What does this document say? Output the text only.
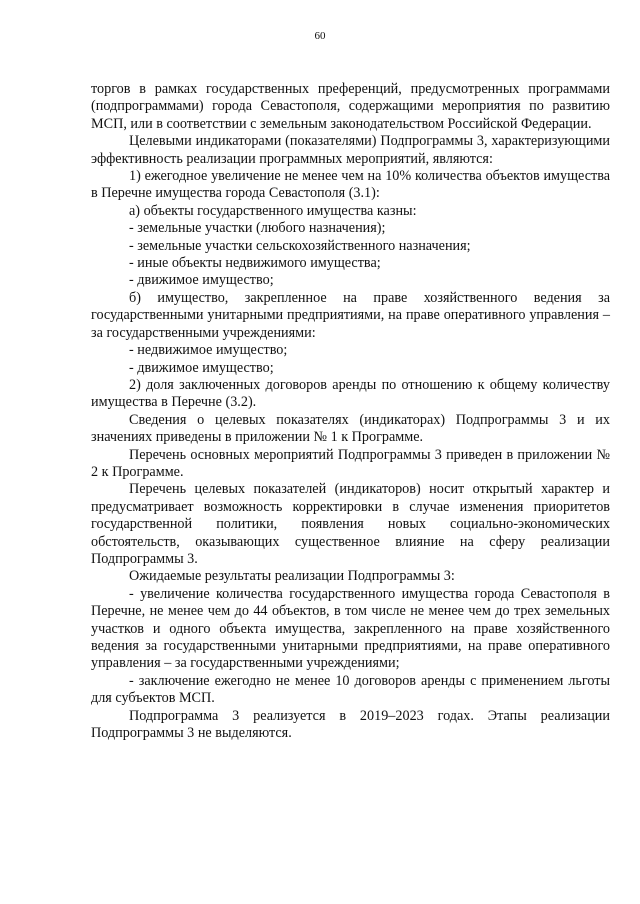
60

торгов в рамках государственных преференций, предусмотренных программами (подпрограммами) города Севастополя, содержащими мероприятия по развитию МСП, или в соответствии с земельным законодательством Российской Федерации.

Целевыми индикаторами (показателями) Подпрограммы 3, характеризующими эффективность реализации программных мероприятий, являются:

1) ежегодное увеличение не менее чем на 10% количества объектов имущества в Перечне имущества города Севастополя (3.1):

а) объекты государственного имущества казны:

- земельные участки (любого назначения);

- земельные участки сельскохозяйственного назначения;

- иные объекты недвижимого имущества;

- движимое имущество;

б) имущество, закрепленное на праве хозяйственного ведения за государственными унитарными предприятиями, на праве оперативного управления – за государственными учреждениями:

- недвижимое имущество;

- движимое имущество;

2) доля заключенных договоров аренды по отношению к общему количеству имущества в Перечне (3.2).

Сведения о целевых показателях (индикаторах) Подпрограммы 3 и их значениях приведены в приложении № 1 к Программе.

Перечень основных мероприятий Подпрограммы 3 приведен в приложении № 2 к Программе.

Перечень целевых показателей (индикаторов) носит открытый характер и предусматривает возможность корректировки в случае изменения приоритетов государственной политики, появления новых социально-экономических обстоятельств, оказывающих существенное влияние на сферу реализации Подпрограммы 3.

Ожидаемые результаты реализации Подпрограммы 3:

- увеличение количества государственного имущества города Севастополя в Перечне, не менее чем до 44 объектов, в том числе не менее чем до трех земельных участков и одного объекта имущества, закрепленного на праве хозяйственного ведения за государственными унитарными предприятиями, на праве оперативного управления – за государственными учреждениями;

- заключение ежегодно не менее 10 договоров аренды с применением льготы для субъектов МСП.

Подпрограмма 3 реализуется в 2019–2023 годах. Этапы реализации Подпрограммы 3 не выделяются.
